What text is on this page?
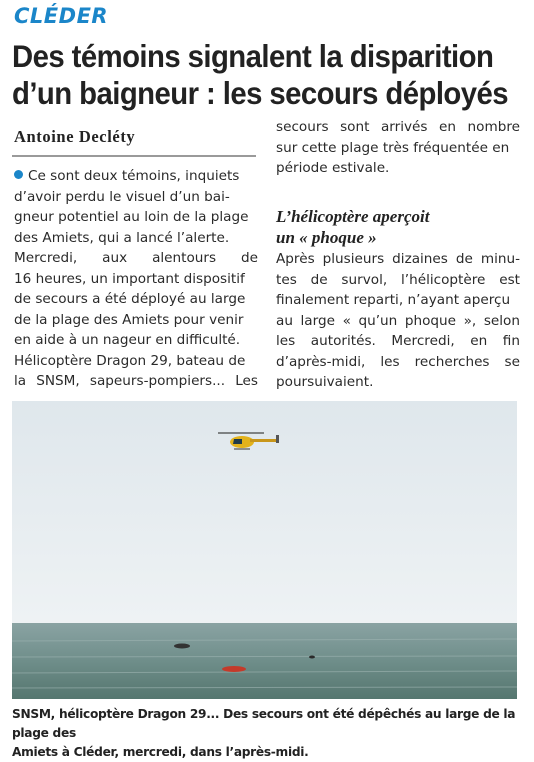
CLÉDER
Des témoins signalent la disparition
d’un baigneur : les secours déployés
Antoine Decléty

Ce sont deux témoins, inquiets

d’avoir perdu le visuel d’un bai-

gneur potentiel au loin de la plage

des Amiets, qui a lancé l’alerte.

Mercredi, aux alentours de

16 heures, un important dispositif

de secours a été déployé au large

de la plage des Amiets pour venir

en aide à un nageur en difficulté.

Hélicoptère Dragon 29, bateau de

la SNSM, sapeurs-pompiers... Les

secours sont arrivés en nombre

sur cette plage très fréquentée en

période estivale.

L’hélicoptère aperçoit
un « phoque »

Après plusieurs dizaines de minu-

tes de survol, l’hélicoptère est

finalement reparti, n’ayant aperçu

au large « qu’un phoque », selon

les autorités. Mercredi, en fin

d’après-midi, les recherches se

poursuivaient.

SNSM, hélicoptère Dragon 29... Des secours ont été dépêchés au large de la plage des
Amiets à Cléder, mercredi, dans l’après-midi.
